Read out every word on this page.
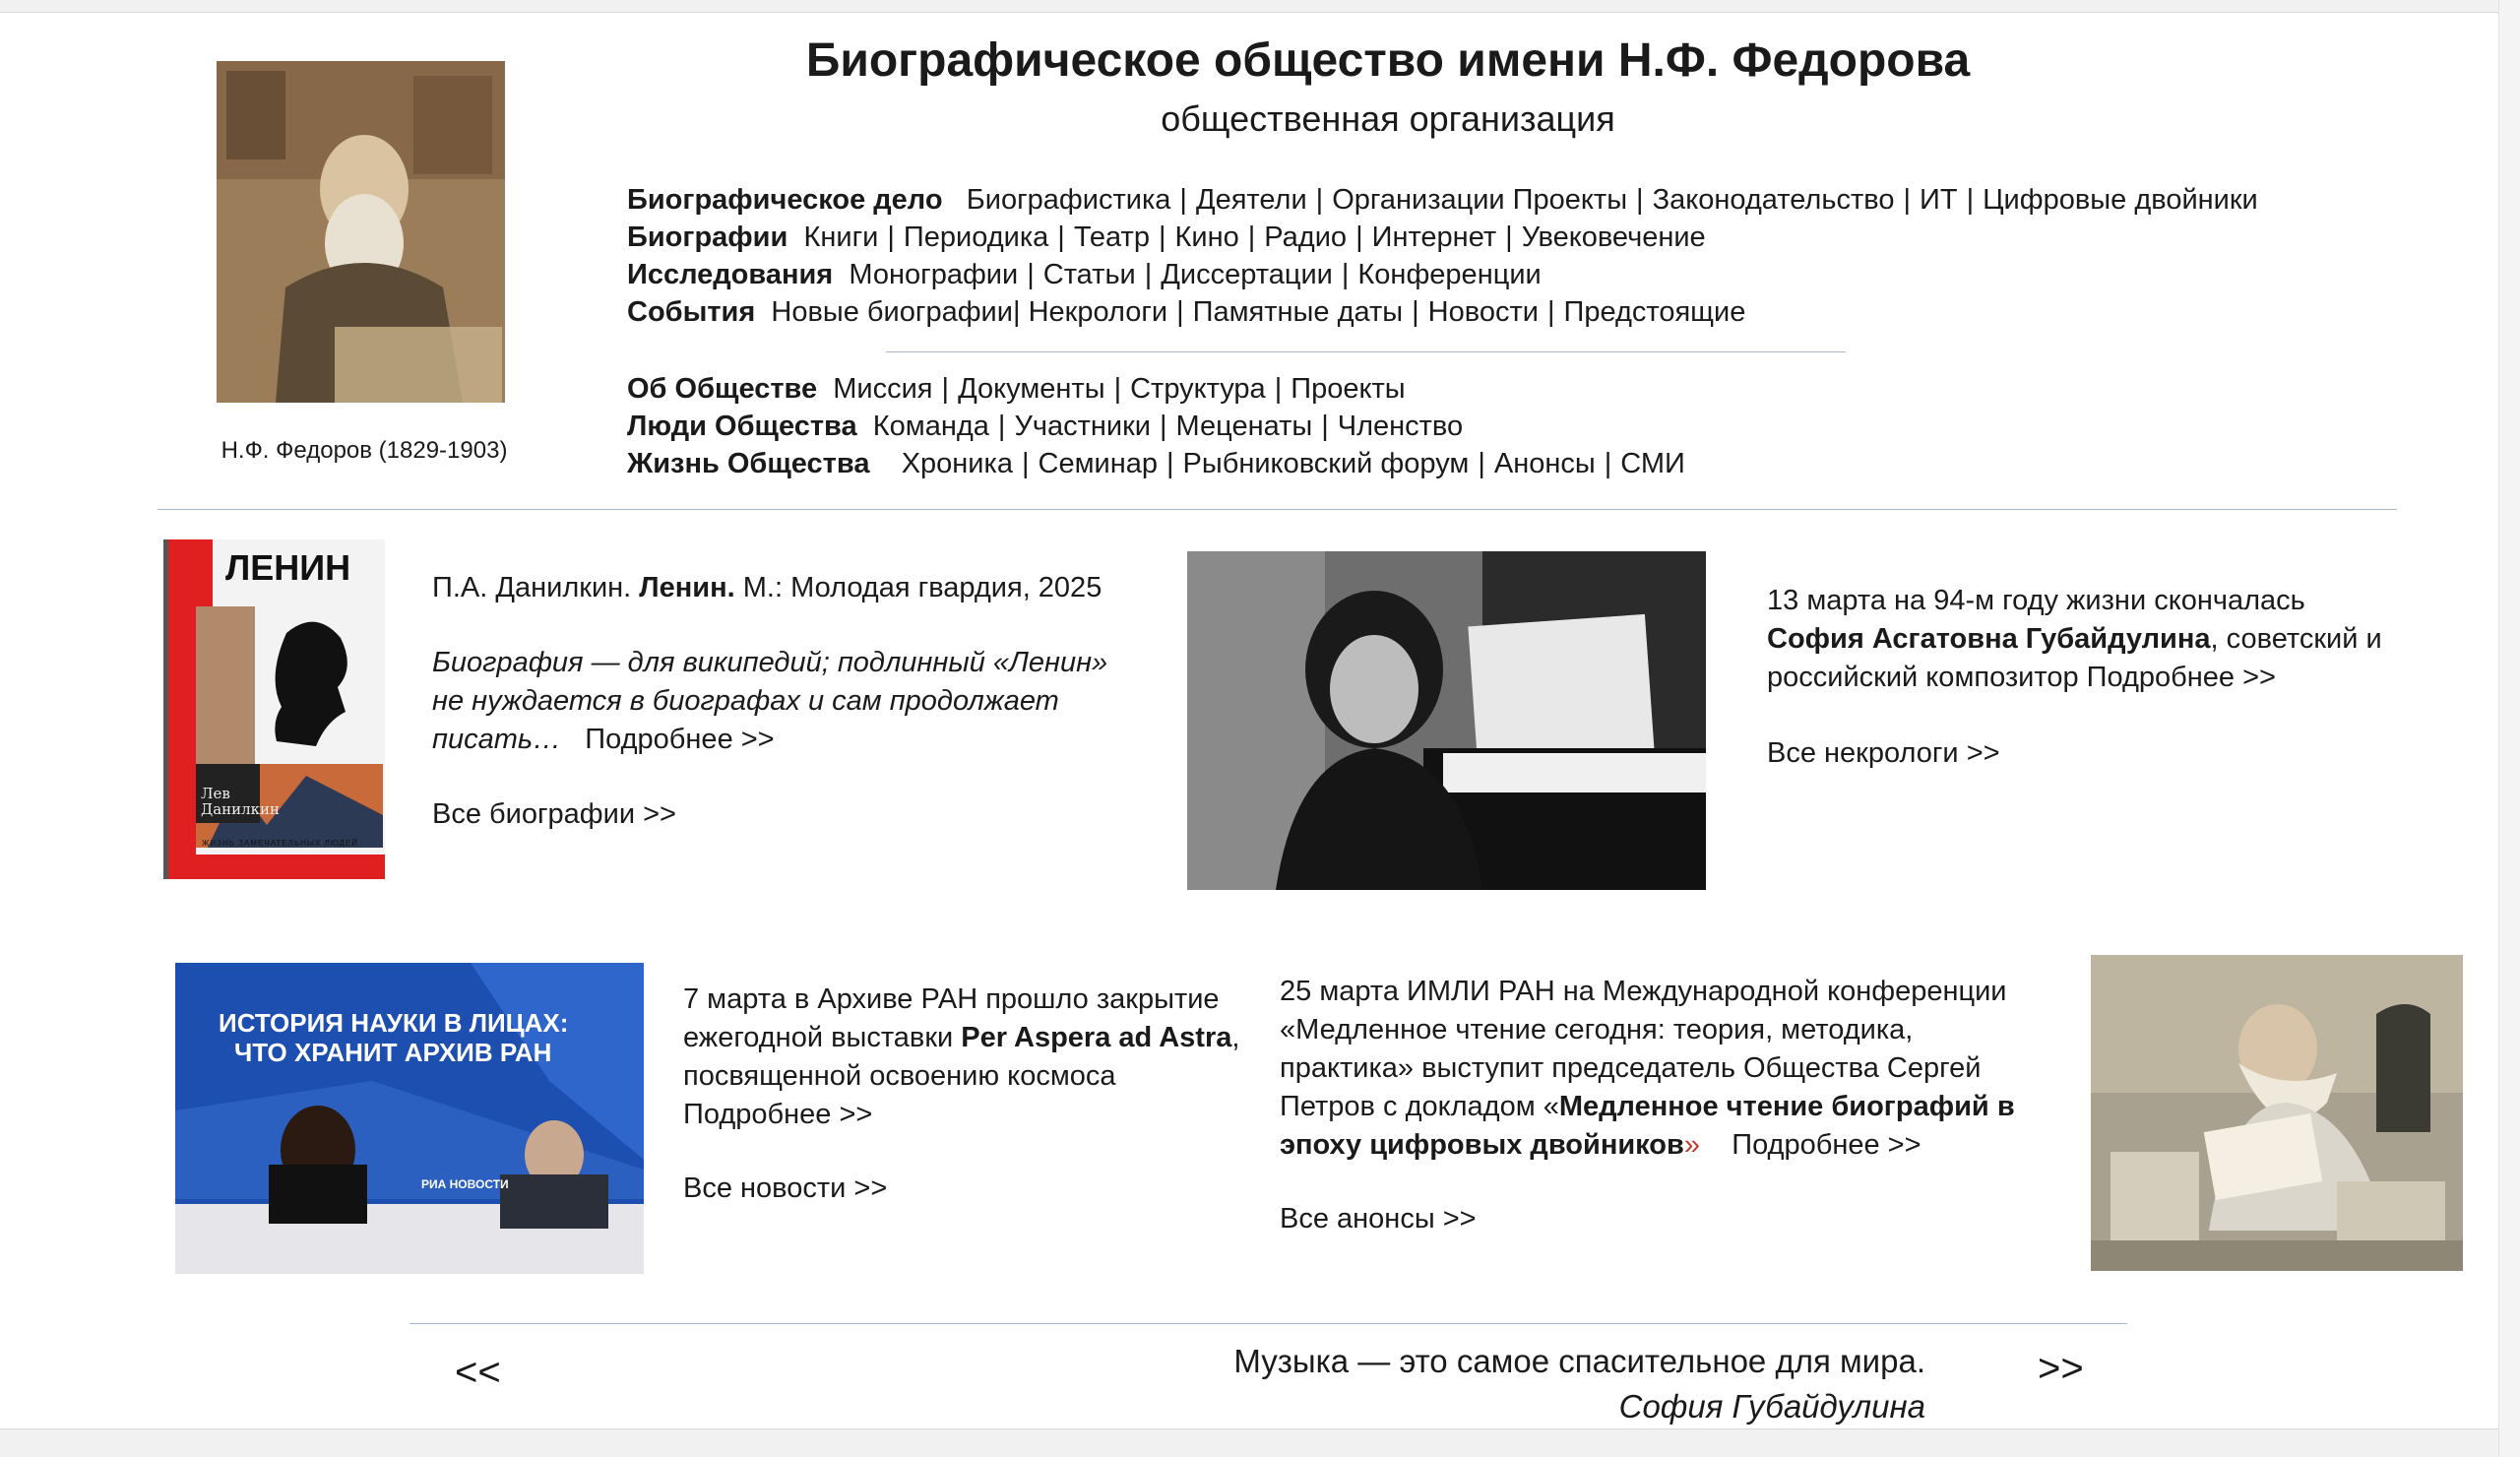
Н.Ф. Федоров (1829-1903)
Биографическое общество имени Н.Ф. Федорова
общественная организация
Биографическое дело Биографистика | Деятели | Организации Проекты | Законодательство | ИТ | Цифровые двойники
Биографии Книги | Периодика | Театр | Кино | Радио | Интернет | Увековечение
Исследования Монографии | Статьи | Диссертации | Конференции
События Новые биографии| Некрологи | Памятные даты | Новости | Предстоящие
Об Обществе Миссия | Документы | Структура | Проекты
Люди Общества Команда | Участники | Меценаты | Членство
Жизнь Общества Хроника | Семинар | Рыбниковский форум | Анонсы | СМИ
ЛЕНИН
Лев Данилкин
ЖИЗНЬ ЗАМЕЧАТЕЛЬНЫХ ЛЮДЕЙ
П.А. Данилкин. Ленин. М.: Молодая гвардия, 2025
Биография — для википедий; подлинный «Ленин» не нуждается в биографах и сам продолжает писать… Подробнее >>
Все биографии >>
13 марта на 94-м году жизни скончалась София Асгатовна Губайдулина, советский и российский композитор Подробнее >>
Все некрологи >>
ИСТОРИЯ НАУКИ В ЛИЦАХ:
ЧТО ХРАНИТ АРХИВ РАН
РИА НОВОСТИ
7 марта в Архиве РАН прошло закрытие ежегодной выставки Per Aspera ad Astra, посвященной освоению космоса
Подробнее >>
Все новости >>
25 марта ИМЛИ РАН на Международной конференции «Медленное чтение сегодня: теория, методика, практика» выступит председатель Общества Сергей Петров с докладом «Медленное чтение биографий в эпоху цифровых двойников» Подробнее >>
Все анонсы >>
<<	>>
Музыка — это самое спасительное для мира.
София Губайдулина
